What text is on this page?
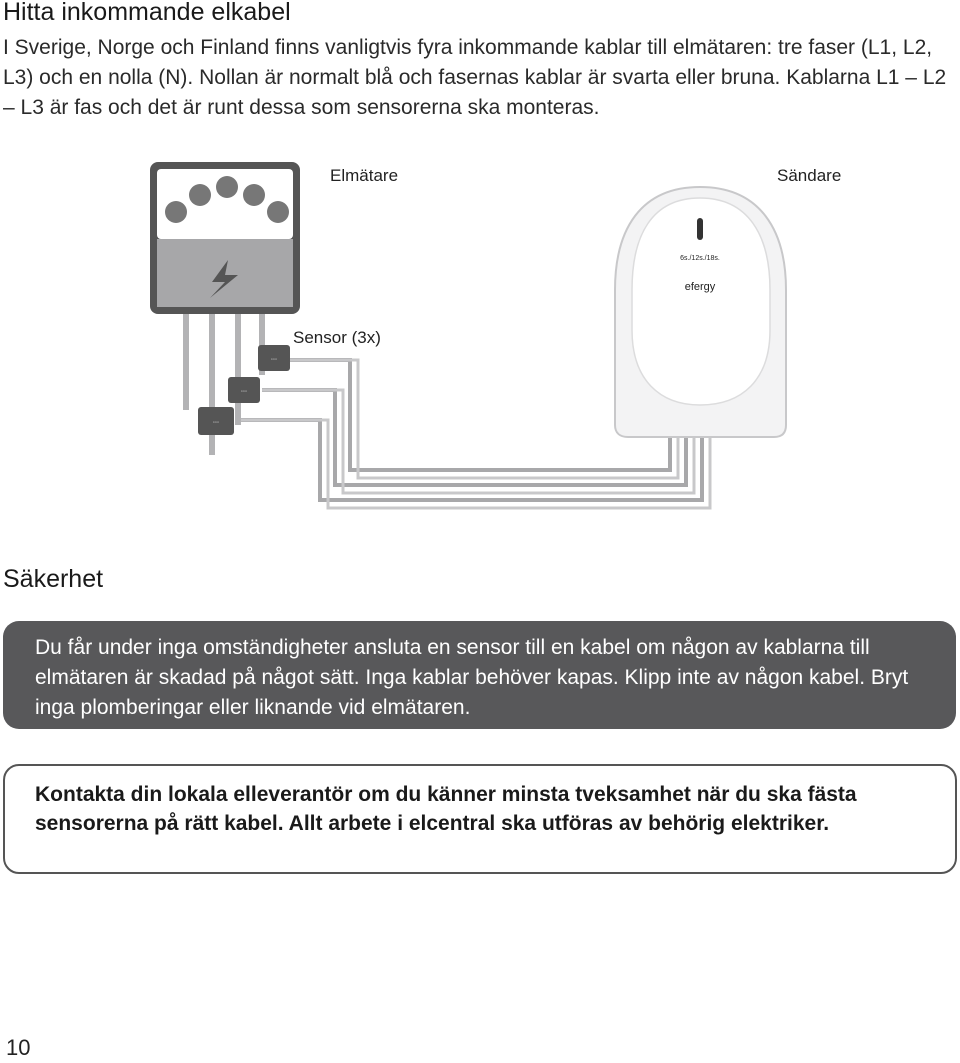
Hitta inkommande elkabel

I Sverige, Norge och Finland finns vanligtvis fyra inkommande kablar till elmätaren: tre faser (L1, L2, L3) och en nolla (N). Nollan är normalt blå och fasernas kablar är svarta eller bruna. Kablarna L1 – L2 – L3 är fas och det är runt dessa som sensorerna ska monteras.

▫▫▫
▫▫▫
▫▫▫
6s./12s./18s.
efergy
Elmätare	Sändare
Sensor (3x)
Säkerhet
Du får under inga omständigheter ansluta en sensor till en kabel om någon av kablarna till elmätaren är skadad på något sätt. Inga kablar behöver kapas. Klipp inte av någon kabel. Bryt inga plomberingar eller liknande vid elmätaren.
Kontakta din lokala elleverantör om du känner minsta tveksamhet när du ska fästa sensorerna på rätt kabel. Allt arbete i elcentral ska utföras av behörig elektriker.
10
